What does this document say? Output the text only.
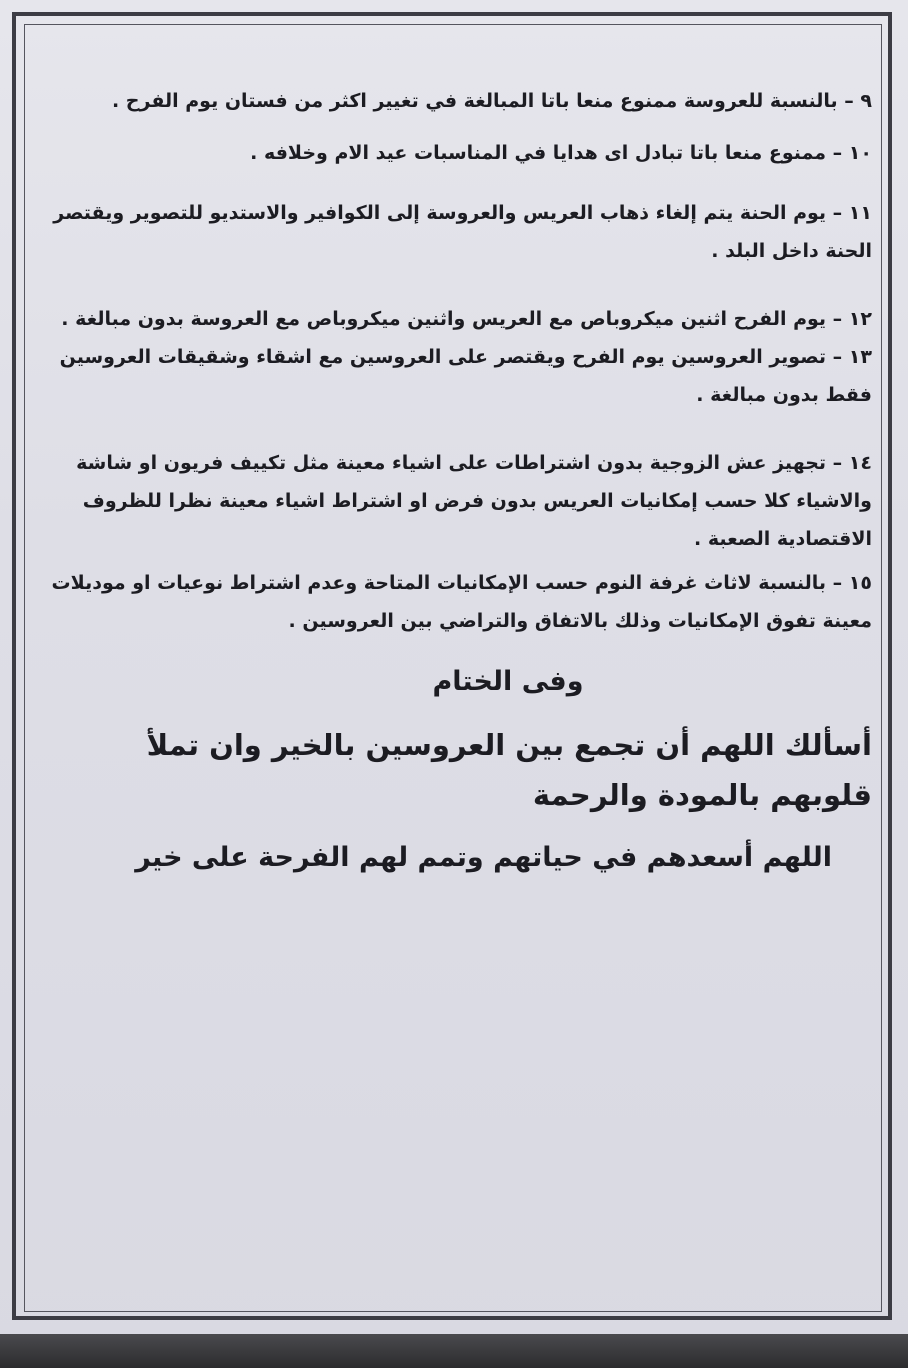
٩ – بالنسبة للعروسة ممنوع منعا باتا المبالغة في تغيير اكثر من فستان يوم الفرح .
١٠ – ممنوع منعا باتا تبادل اى هدايا في المناسبات عيد الام وخلافه .
١١ – يوم الحنة يتم إلغاء ذهاب العريس والعروسة إلى الكوافير والاستديو للتصوير ويقتصر الحنة داخل البلد .
١٢ – يوم الفرح اثنين ميكروباص مع العريس واثنين ميكروباص مع العروسة بدون مبالغة .
١٣ – تصوير العروسين يوم الفرح ويقتصر على العروسين مع اشقاء وشقيقات العروسين فقط بدون مبالغة .
١٤ – تجهيز عش الزوجية بدون اشتراطات على اشياء معينة مثل تكييف فريون او شاشة والاشياء كلا حسب إمكانيات العريس بدون فرض او اشتراط اشياء معينة نظرا للظروف الاقتصادية الصعبة .
١٥ – بالنسبة لاثاث غرفة النوم حسب الإمكانيات المتاحة وعدم اشتراط نوعيات او موديلات معينة تفوق الإمكانيات وذلك بالاتفاق والتراضي بين العروسين .
وفى الختام
أسألك اللهم أن تجمع بين العروسين بالخير وان تملأ قلوبهم بالمودة والرحمة
اللهم أسعدهم في حياتهم وتمم لهم الفرحة على خير
